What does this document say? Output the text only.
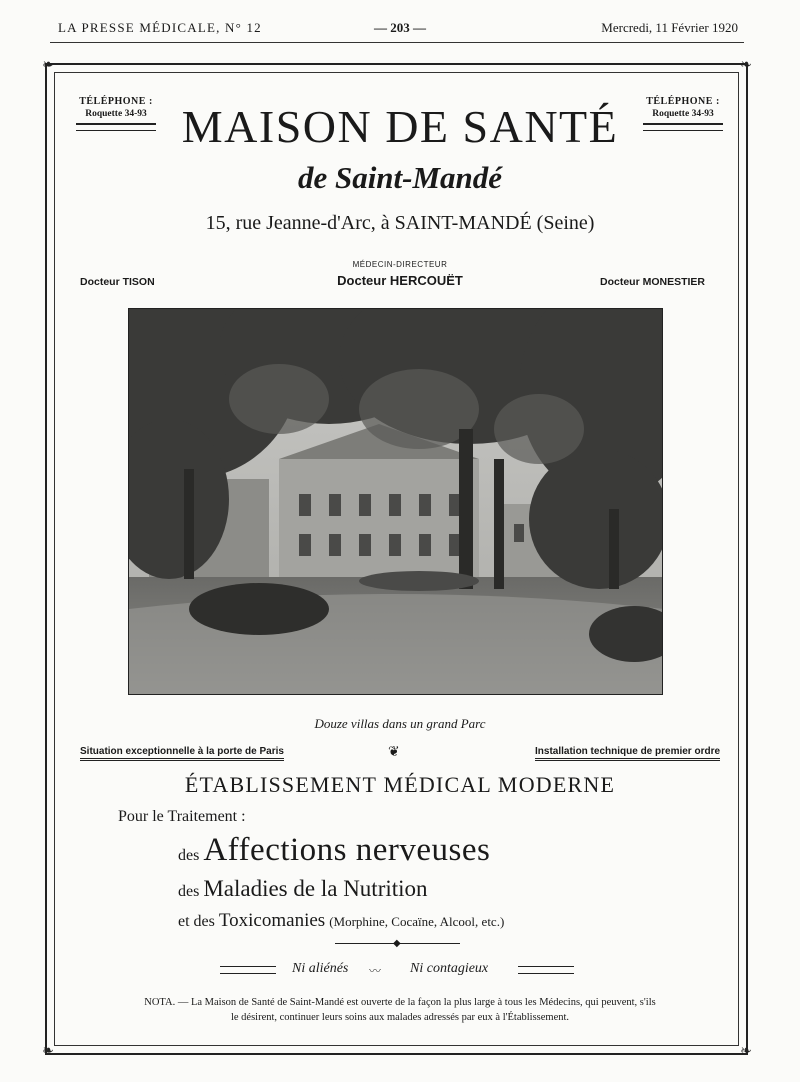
LA PRESSE MÉDICALE, N° 12	— 203 —	Mercredi, 11 Février 1920
❧	❧
❧	❧
TÉLÉPHONE :
Roquette 34-93
TÉLÉPHONE :
Roquette 34-93
MAISON DE SANTÉ
de Saint-Mandé
15, rue Jeanne-d'Arc, à SAINT-MANDÉ (Seine)
MÉDECIN-DIRECTEUR
Docteur TISON	Docteur HERCOUËT	Docteur MONESTIER
Douze villas dans un grand Parc
Situation exceptionnelle à la porte de Paris	❦	Installation technique de premier ordre
ÉTABLISSEMENT MÉDICAL MODERNE
Pour le Traitement :
des Affections nerveuses
des Maladies de la Nutrition
et des Toxicomanies (Morphine, Cocaïne, Alcool, etc.)
◆
Ni aliénés 〰 Ni contagieux
NOTA. — La Maison de Santé de Saint-Mandé est ouverte de la façon la plus large à tous les Médecins, qui peuvent, s'ils
le désirent, continuer leurs soins aux malades adressés par eux à l'Établissement.
